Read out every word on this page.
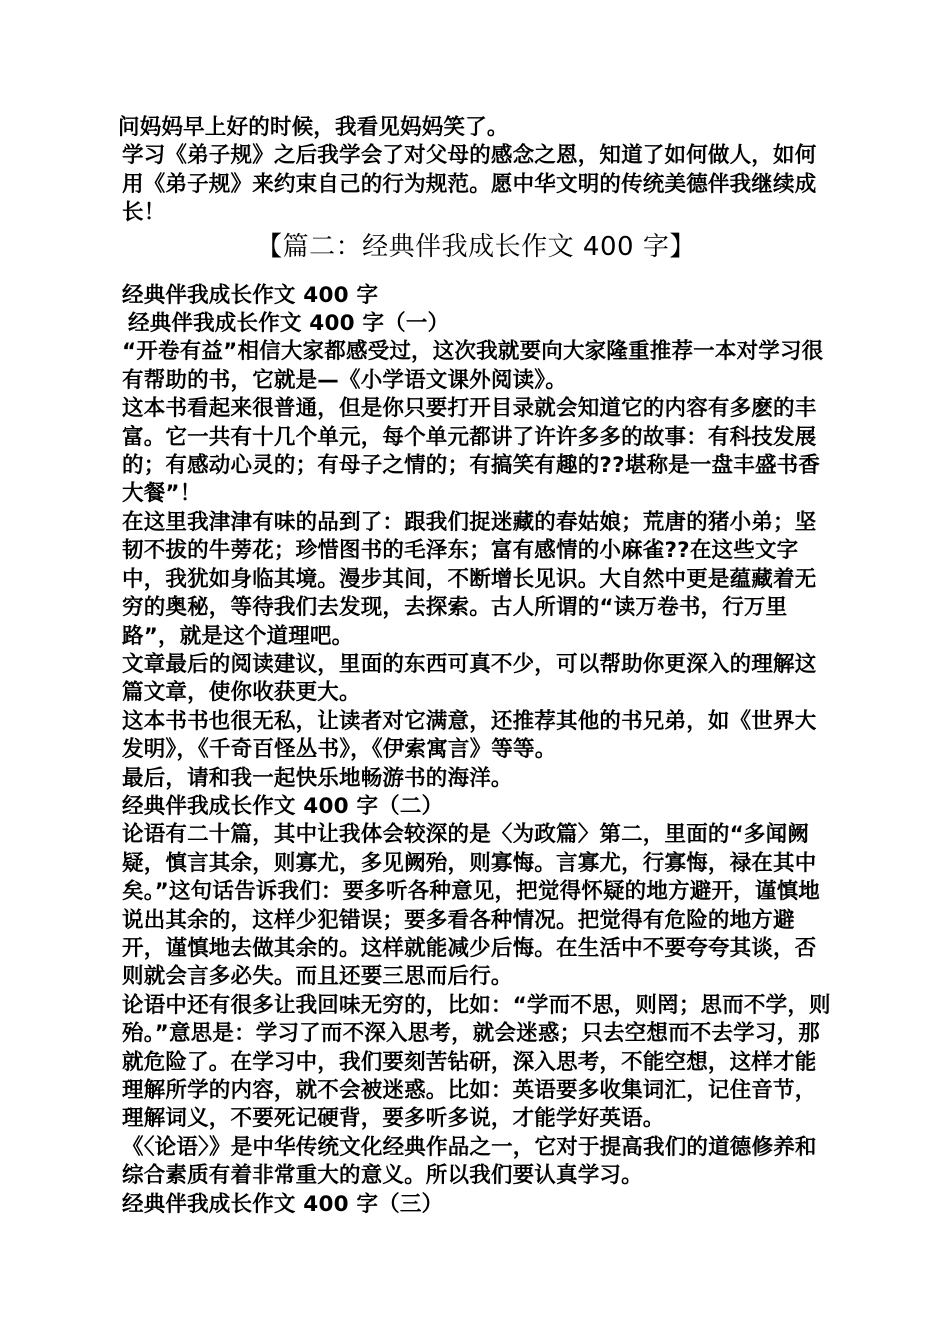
问妈妈早上好的时候，我看见妈妈笑了。

学习《弟子规》之后我学会了对父母的感念之恩，知道了如何做人，如何用《弟子规》来约束自己的行为规范。愿中华文明的传统美德伴我继续成长！

【篇二：经典伴我成长作文 400 字】

经典伴我成长作文 400 字

经典伴我成长作文 400 字（一）

“开卷有益”相信大家都感受过，这次我就要向大家隆重推荐一本对学习很有帮助的书，它就是—《小学语文课外阅读》。

这本书看起来很普通，但是你只要打开目录就会知道它的内容有多麽的丰富。它一共有十几个单元，每个单元都讲了许许多多的故事：有科技发展的；有感动心灵的；有母子之情的；有搞笑有趣的??堪称是一盘丰盛书香大餐”！

在这里我津津有味的品到了：跟我们捉迷藏的春姑娘；荒唐的猪小弟；坚韧不拔的牛蒡花；珍惜图书的毛泽东；富有感情的小麻雀??在这些文字中，我犹如身临其境。漫步其间，不断增长见识。大自然中更是蕴藏着无穷的奥秘，等待我们去发现，去探索。古人所谓的“读万卷书，行万里路”，就是这个道理吧。

文章最后的阅读建议，里面的东西可真不少，可以帮助你更深入的理解这篇文章，使你收获更大。

这本书书也很无私，让读者对它满意，还推荐其他的书兄弟，如《世界大发明》，《千奇百怪丛书》，《伊索寓言》等等。

最后，请和我一起快乐地畅游书的海洋。

经典伴我成长作文 400 字（二）

论语有二十篇，其中让我体会较深的是〈为政篇〉第二，里面的“多闻阙疑，慎言其余，则寡尤，多见阙殆，则寡悔。言寡尤，行寡悔，禄在其中矣。”这句话告诉我们：要多听各种意见，把觉得怀疑的地方避开，谨慎地说出其余的，这样少犯错误；要多看各种情况。把觉得有危险的地方避开，谨慎地去做其余的。这样就能减少后悔。在生活中不要夸夸其谈，否则就会言多必失。而且还要三思而后行。

论语中还有很多让我回味无穷的，比如：“学而不思，则罔；思而不学，则殆。”意思是：学习了而不深入思考，就会迷惑；只去空想而不去学习，那就危险了。在学习中，我们要刻苦钻研，深入思考，不能空想，这样才能理解所学的内容，就不会被迷惑。比如：英语要多收集词汇，记住音节，理解词义，不要死记硬背，要多听多说，才能学好英语。

《〈论语〉》是中华传统文化经典作品之一，它对于提高我们的道德修养和综合素质有着非常重大的意义。所以我们要认真学习。

经典伴我成长作文 400 字（三）
